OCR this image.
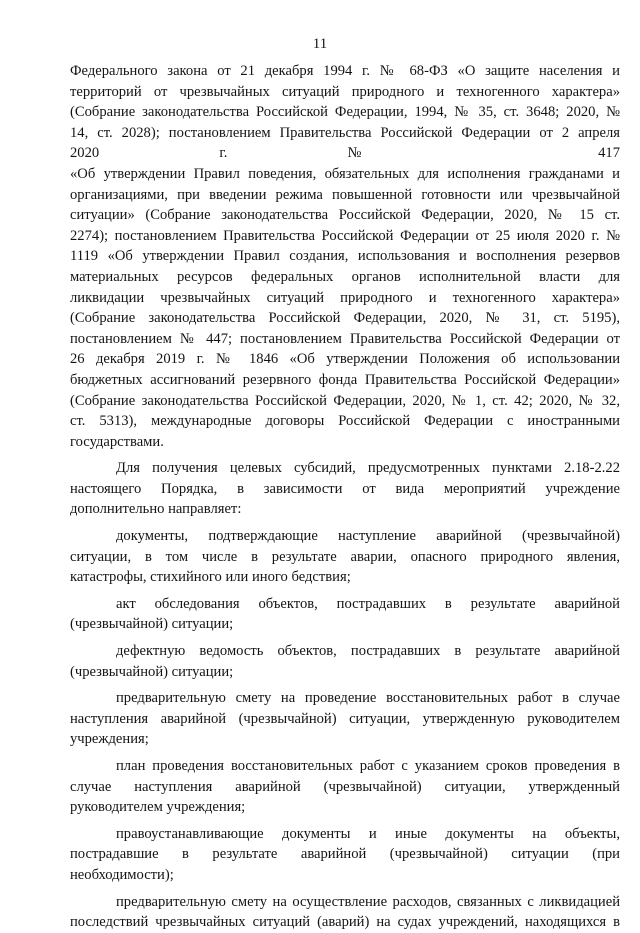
11
Федерального закона от 21 декабря 1994 г. № 68-ФЗ «О защите населения и
территорий от чрезвычайных ситуаций природного и техногенного характера»
(Собрание законодательства Российской Федерации, 1994, № 35, ст. 3648; 2020, №
14, ст. 2028); постановлением Правительства Российской Федерации от 2 апреля
2020 г. № 417
«Об утверждении Правил поведения, обязательных для исполнения гражданами и
организациями, при введении режима повышенной готовности или чрезвычайной
ситуации» (Собрание законодательства Российской Федерации, 2020, № 15 ст.
2274); постановлением Правительства Российской Федерации от 25 июля 2020 г. №
1119 «Об утверждении Правил создания, использования и восполнения резервов
материальных ресурсов федеральных органов исполнительной власти для
ликвидации чрезвычайных ситуаций природного и техногенного характера»
(Собрание законодательства Российской Федерации, 2020, № 31, ст. 5195),
постановлением № 447; постановлением Правительства Российской Федерации от
26 декабря 2019 г. № 1846 «Об утверждении Положения об использовании
бюджетных ассигнований резервного фонда Правительства Российской Федерации»
(Собрание законодательства Российской Федерации, 2020, № 1, ст. 42; 2020, № 32,
ст. 5313), международные договоры Российской Федерации с иностранными
государствами.
Для получения целевых субсидий, предусмотренных пунктами 2.18-2.22
настоящего Порядка, в зависимости от вида мероприятий учреждение
дополнительно направляет:
документы, подтверждающие наступление аварийной (чрезвычайной)
ситуации, в том числе в результате аварии, опасного природного явления,
катастрофы, стихийного или иного бедствия;
акт обследования объектов, пострадавших в результате аварийной
(чрезвычайной) ситуации;
дефектную ведомость объектов, пострадавших в результате аварийной
(чрезвычайной) ситуации;
предварительную смету на проведение восстановительных работ в случае
наступления аварийной (чрезвычайной) ситуации, утвержденную руководителем
учреждения;
план проведения восстановительных работ с указанием сроков проведения в
случае наступления аварийной (чрезвычайной) ситуации, утвержденный
руководителем учреждения;
правоустанавливающие документы и иные документы на объекты,
пострадавшие в результате аварийной (чрезвычайной) ситуации (при
необходимости);
предварительную смету на осуществление расходов, связанных с ликвидацией
последствий чрезвычайных ситуаций (аварий) на судах учреждений, находящихся в
